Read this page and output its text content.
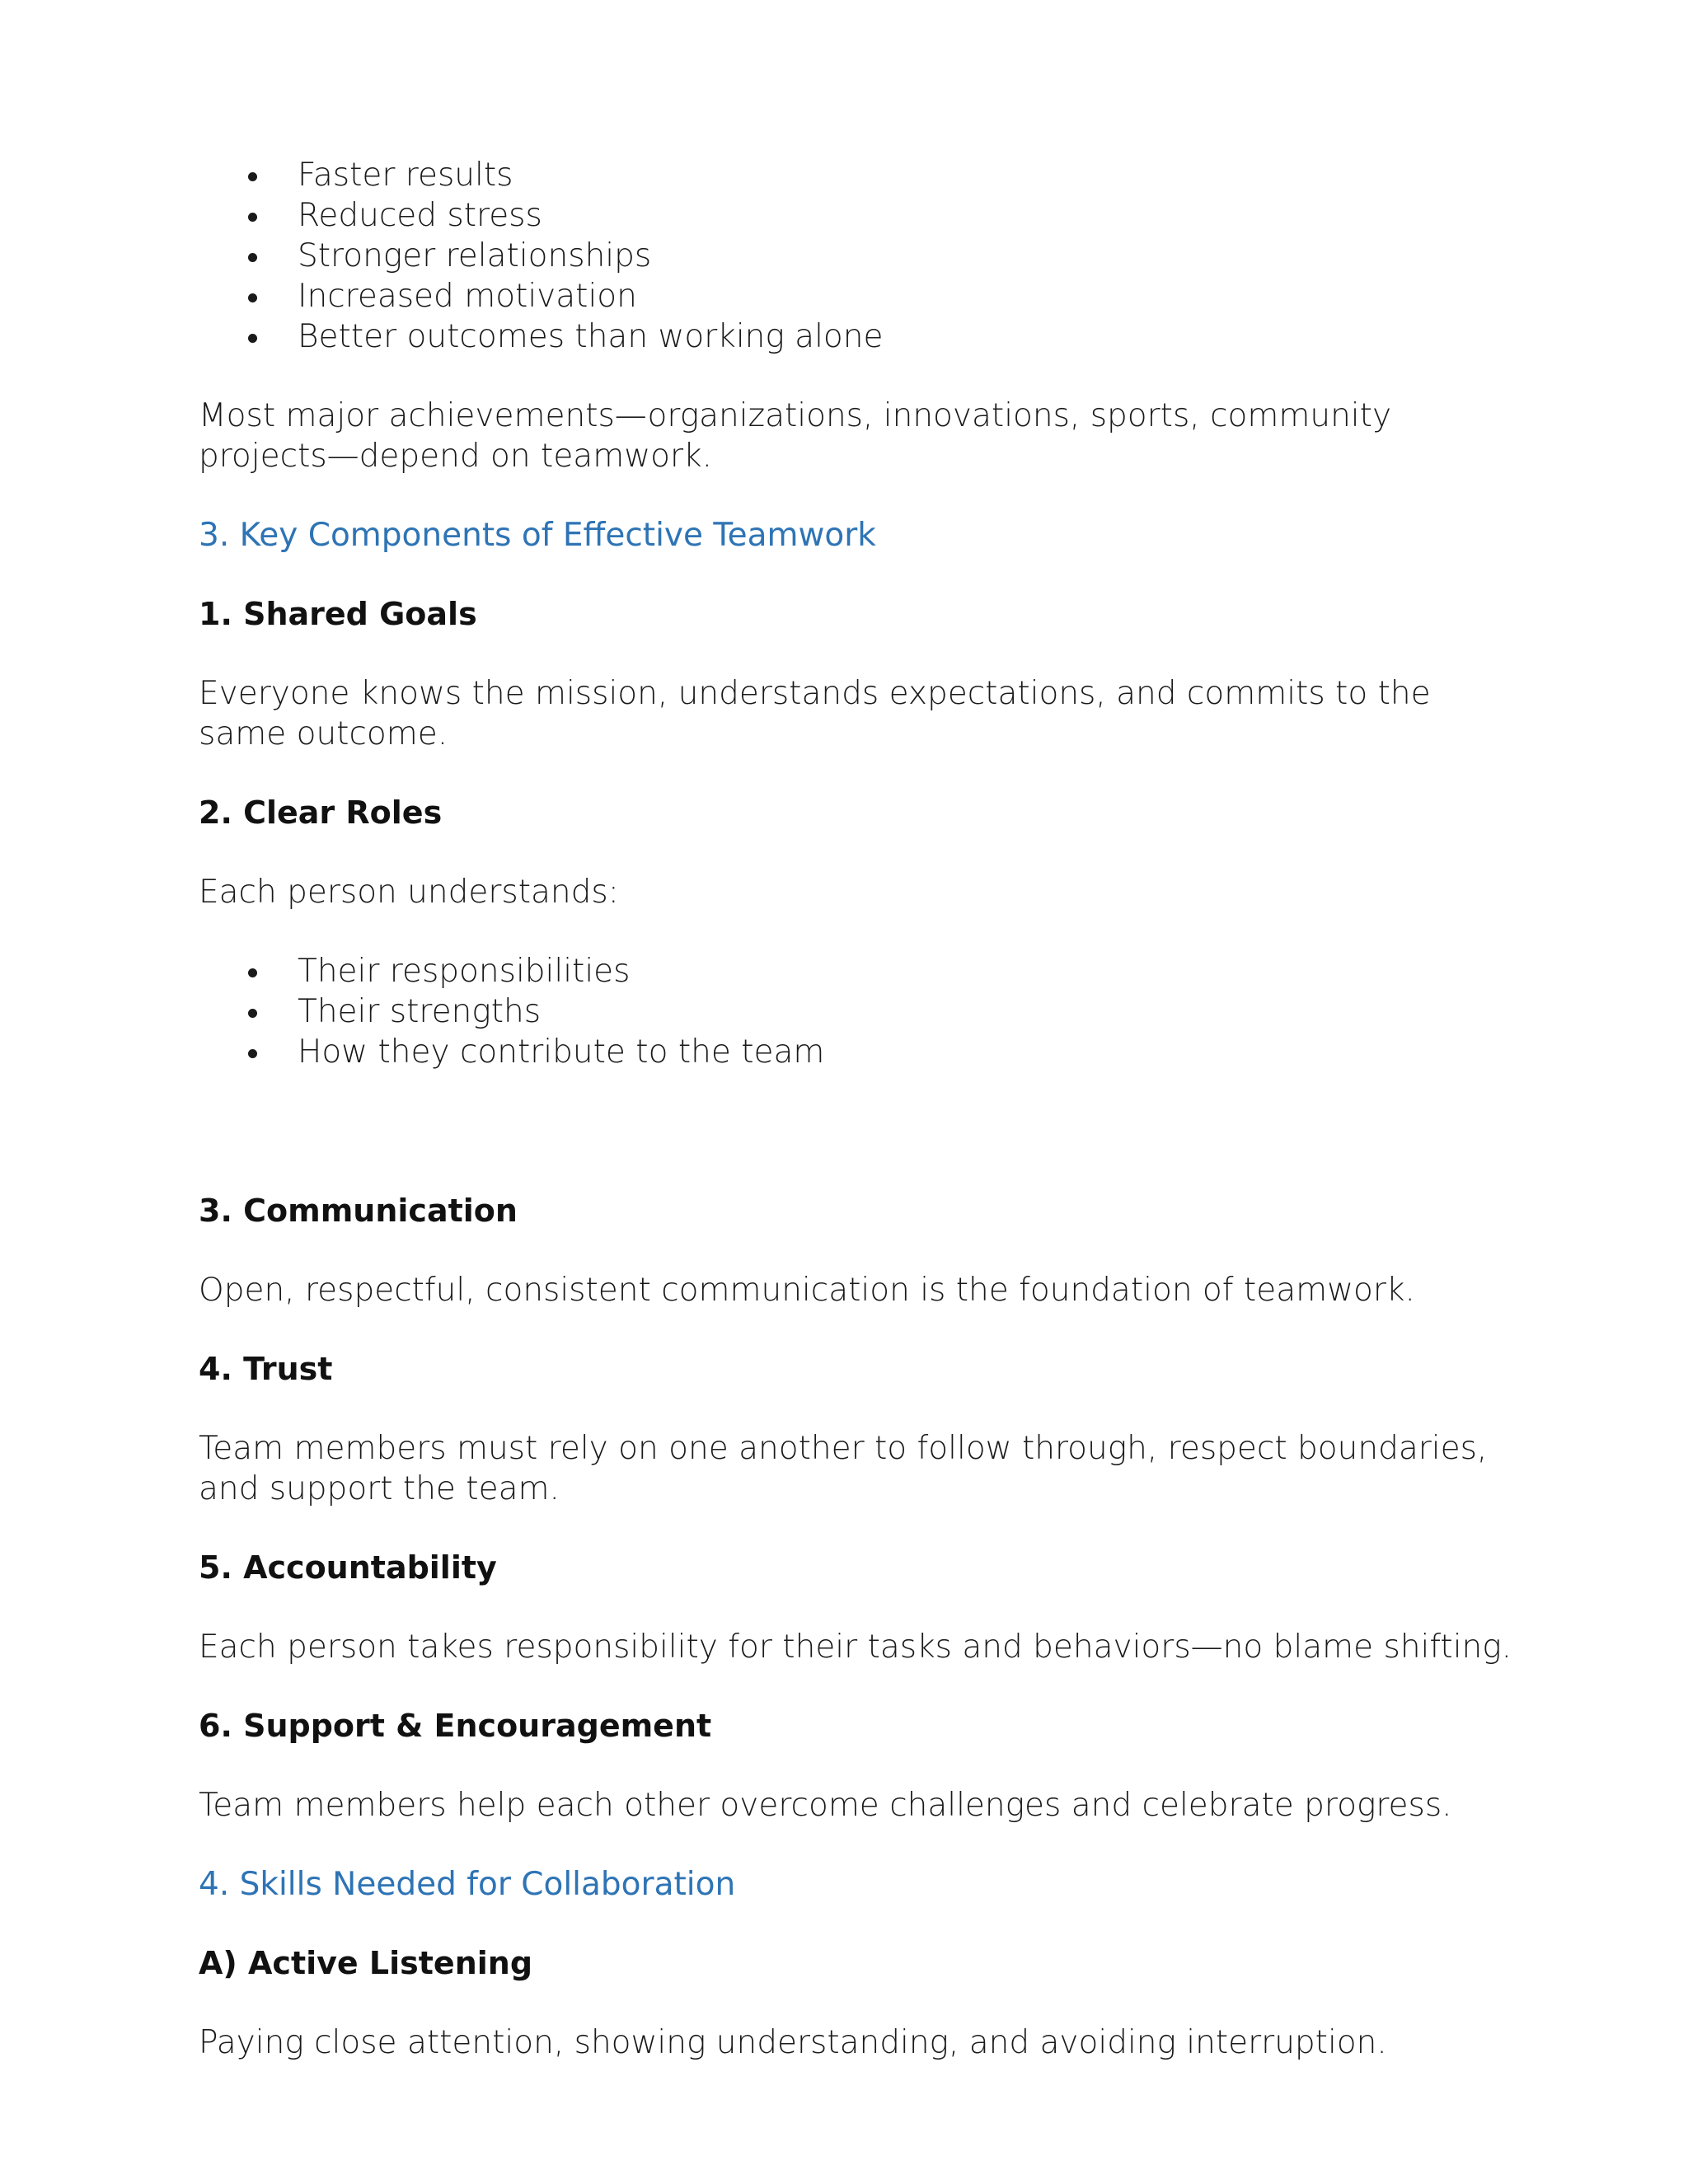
Faster results
Reduced stress
Stronger relationships
Increased motivation
Better outcomes than working alone

Most major achievements—organizations, innovations, sports, community projects—depend on teamwork.

3. Key Components of Effective Teamwork
1. Shared Goals

Everyone knows the mission, understands expectations, and commits to the same outcome.

2. Clear Roles

Each person understands:

Their responsibilities
Their strengths
How they contribute to the team
3. Communication

Open, respectful, consistent communication is the foundation of teamwork.

4. Trust

Team members must rely on one another to follow through, respect boundaries, and support the team.

5. Accountability

Each person takes responsibility for their tasks and behaviors—no blame shifting.

6. Support & Encouragement

Team members help each other overcome challenges and celebrate progress.

4. Skills Needed for Collaboration
A) Active Listening

Paying close attention, showing understanding, and avoiding interruption.
